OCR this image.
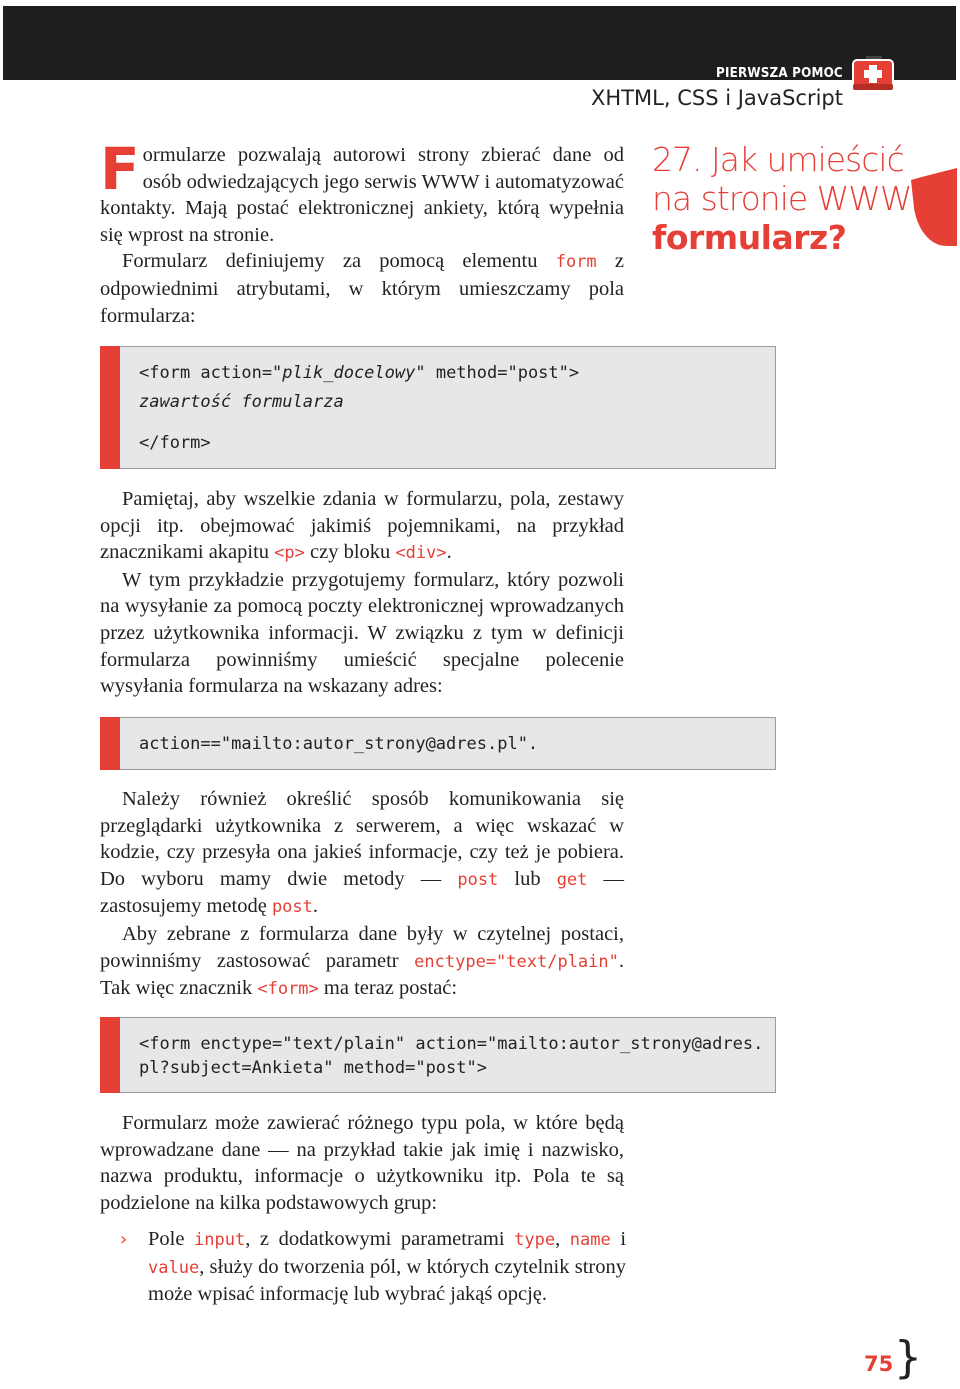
PIERWSZA POMOC
XHTML, CSS i JavaScript
27. Jak umieścić
na stronie WWW
formularz?

Formularze pozwalają autorowi strony zbierać dane od osób odwiedzających jego serwis WWW i automatyzować kontakty. Mają postać elektronicznej ankiety, którą wypełnia się wprost na stronie.

Formularz definiujemy za pomocą elementu form z odpowiednimi atrybutami, w którym umieszczamy pola formularza:

<form action="plik_docelowy" method="post">
zawartość formularza
</form>

Pamiętaj, aby wszelkie zdania w formularzu, pola, zestawy opcji itp. obejmować jakimiś pojemnikami, na przykład znacznikami akapitu <p> czy bloku <div>.

W tym przykładzie przygotujemy formularz, który pozwoli na wysyłanie za pomocą poczty elektronicznej wprowadzanych przez użytkownika informacji. W związku z tym w definicji formularza powinniśmy umieścić specjalne polecenie wysyłania formularza na wskazany adres:

action=="mailto:autor_strony@adres.pl".

Należy również określić sposób komunikowania się przeglądarki użytkownika z serwerem, a więc wskazać w kodzie, czy przesyła ona jakieś informacje, czy też je pobiera. Do wyboru mamy dwie metody — post lub get — zastosujemy metodę post.

Aby zebrane z formularza dane były w czytelnej postaci, powinniśmy zastosować parametr enctype="text/plain". Tak więc znacznik <form> ma teraz postać:

<form enctype="text/plain" action="mailto:autor_strony@adres.
pl?subject=Ankieta" method="post">

Formularz może zawierać różnego typu pola, w które będą wprowadzane dane — na przykład takie jak imię i nazwisko, nazwa produktu, informacje o użytkowniku itp. Pola te są podzielone na kilka podstawowych grup:

› Pole input, z dodatkowymi parametrami type, name i value, służy do tworzenia pól, w których czytelnik strony może wpisać informację lub wybrać jakąś opcję.
75 }
